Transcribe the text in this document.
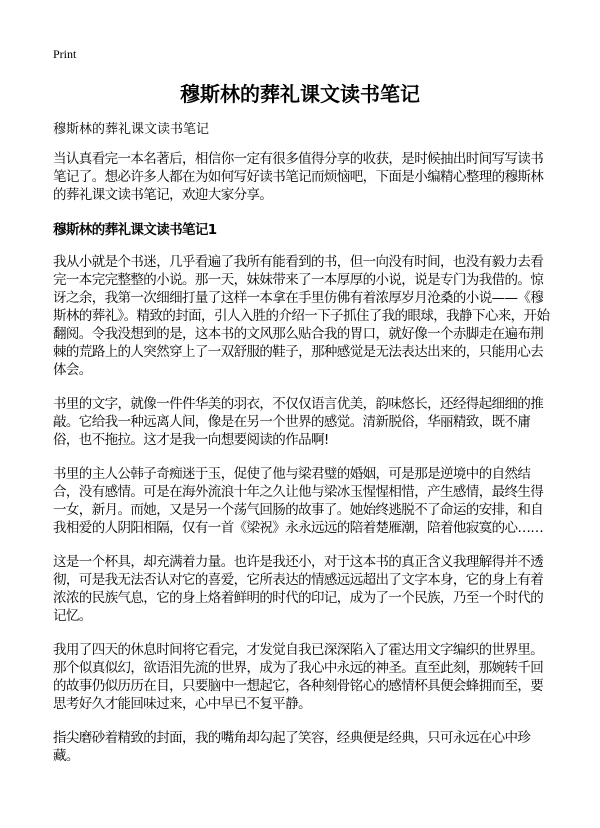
Print
穆斯林的葬礼课文读书笔记
穆斯林的葬礼课文读书笔记

当认真看完一本名著后，相信你一定有很多值得分享的收获，是时候抽出时间写写读书笔记了。想必许多人都在为如何写好读书笔记而烦恼吧，下面是小编精心整理的穆斯林的葬礼课文读书笔记，欢迎大家分享。

穆斯林的葬礼课文读书笔记1

我从小就是个书迷，几乎看遍了我所有能看到的书，但一向没有时间，也没有毅力去看完一本完完整整的小说。那一天，妹妹带来了一本厚厚的小说，说是专门为我借的。惊讶之余，我第一次细细打量了这样一本拿在手里仿佛有着浓厚岁月沧桑的小说——《穆斯林的葬礼》。精致的封面，引人入胜的介绍一下子抓住了我的眼球，我静下心来，开始翻阅。令我没想到的是，这本书的文风那么贴合我的胃口，就好像一个赤脚走在遍布荆棘的荒路上的人突然穿上了一双舒服的鞋子，那种感觉是无法表达出来的，只能用心去体会。

书里的文字，就像一件件华美的羽衣，不仅仅语言优美，韵味悠长，还经得起细细的推敲。它给我一种远离人间，像是在另一个世界的感觉。清新脱俗，华丽精致，既不庸俗，也不拖拉。这才是我一向想要阅读的作品啊!

书里的主人公韩子奇痴迷于玉，促使了他与梁君璧的婚姻，可是那是逆境中的自然结合，没有感情。可是在海外流浪十年之久让他与梁冰玉惺惺相惜，产生感情，最终生得一女，新月。而她，又是另一个荡气回肠的故事了。她始终逃脱不了命运的安排，和自我相爱的人阴阳相隔，仅有一首《梁祝》永永远远的陪着楚雁潮，陪着他寂寞的心……

这是一个杯具，却充满着力量。也许是我还小，对于这本书的真正含义我理解得并不透彻，可是我无法否认对它的喜爱，它所表达的情感远远超出了文字本身，它的身上有着浓浓的民族气息，它的身上烙着鲜明的时代的印记，成为了一个民族，乃至一个时代的记忆。

我用了四天的休息时间将它看完，才发觉自我已深深陷入了霍达用文字编织的世界里。那个似真似幻，欲语泪先流的世界，成为了我心中永远的神圣。直至此刻，那婉转千回的故事仍似历历在目，只要脑中一想起它，各种刻骨铭心的感情杯具便会蜂拥而至，要思考好久才能回味过来，心中早已不复平静。

指尖磨砂着精致的封面，我的嘴角却勾起了笑容，经典便是经典，只可永远在心中珍藏。
